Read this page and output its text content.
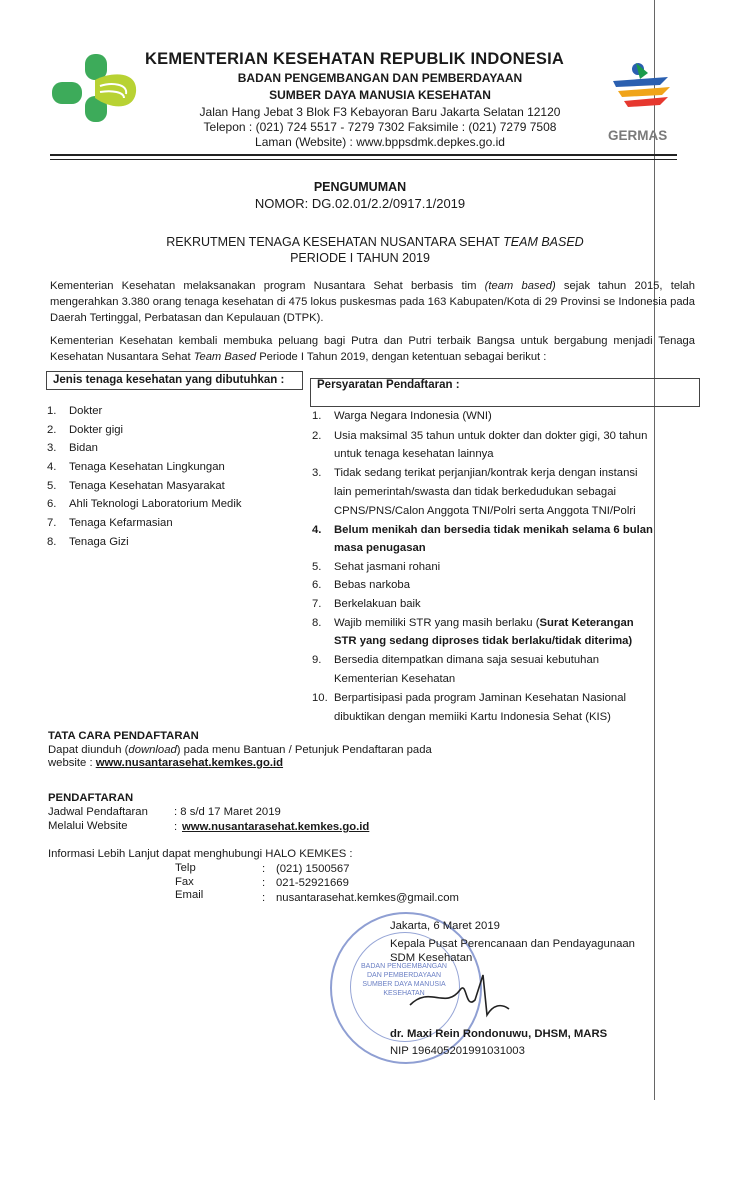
KEMENTERIAN KESEHATAN REPUBLIK INDONESIA
BADAN PENGEMBANGAN DAN PEMBERDAYAAN
SUMBER DAYA MANUSIA KESEHATAN
Jalan Hang Jebat 3 Blok F3 Kebayoran Baru Jakarta Selatan 12120
Telepon : (021) 724 5517 - 7279 7302 Faksimile : (021) 7279 7508
Laman (Website) : www.bppsdmk.depkes.go.id	GERMAS
PENGUMUMAN
NOMOR: DG.02.01/2.2/0917.1/2019
REKRUTMEN TENAGA KESEHATAN NUSANTARA SEHAT TEAM BASED
PERIODE I TAHUN 2019
Kementerian Kesehatan melaksanakan program Nusantara Sehat berbasis tim (team based) sejak tahun 2015, telah mengerahkan 3.380 orang tenaga kesehatan di 475 lokus puskesmas pada 163 Kabupaten/Kota di 29 Provinsi se Indonesia pada Daerah Tertinggal, Perbatasan dan Kepulauan (DTPK).
Kementerian Kesehatan kembali membuka peluang bagi Putra dan Putri terbaik Bangsa untuk bergabung menjadi Tenaga Kesehatan Nusantara Sehat Team Based Periode I Tahun 2019, dengan ketentuan sebagai berikut :
Jenis tenaga kesehatan yang dibutuhkan :	Persyaratan Pendaftaran :
1. Dokter
2. Dokter gigi
3. Bidan
4. Tenaga Kesehatan Lingkungan
5. Tenaga Kesehatan Masyarakat
6. Ahli Teknologi Laboratorium Medik
7. Tenaga Kefarmasian
8. Tenaga Gizi
1. Warga Negara Indonesia (WNI)
2. Usia maksimal 35 tahun untuk dokter dan dokter gigi, 30 tahun
untuk tenaga kesehatan lainnya
3. Tidak sedang terikat perjanjian/kontrak kerja dengan instansi
lain pemerintah/swasta dan tidak berkedudukan sebagai
CPNS/PNS/Calon Anggota TNI/Polri serta Anggota TNI/Polri
4. Belum menikah dan bersedia tidak menikah selama 6 bulan
masa penugasan
5. Sehat jasmani rohani
6. Bebas narkoba
7. Berkelakuan baik
8. Wajib memiliki STR yang masih berlaku (Surat Keterangan
STR yang sedang diproses tidak berlaku/tidak diterima)
9. Bersedia ditempatkan dimana saja sesuai kebutuhan
Kementerian Kesehatan
10. Berpartisipasi pada program Jaminan Kesehatan Nasional
dibuktikan dengan memiiki Kartu Indonesia Sehat (KIS)
TATA CARA PENDAFTARAN
Dapat diunduh (download) pada menu Bantuan / Petunjuk Pendaftaran pada
website : www.nusantarasehat.kemkes.go.id
PENDAFTARAN
Jadwal Pendaftaran : 8 s/d 17 Maret 2019
Melalui Website	: www.nusantarasehat.kemkes.go.id
Informasi Lebih Lanjut dapat menghubungi HALO KEMKES :
Telp	: (021) 1500567
Fax	: 021-52921669
Email	: nusantarasehat.kemkes@gmail.com
BADAN PENGEMBANGAN DAN PEMBERDAYAAN SUMBER DAYA MANUSIA KESEHATAN
Jakarta, 6 Maret 2019
Kepala Pusat Perencanaan dan Pendayagunaan
SDM Kesehatan
dr. Maxi Rein Rondonuwu, DHSM, MARS
NIP 196405201991031003
